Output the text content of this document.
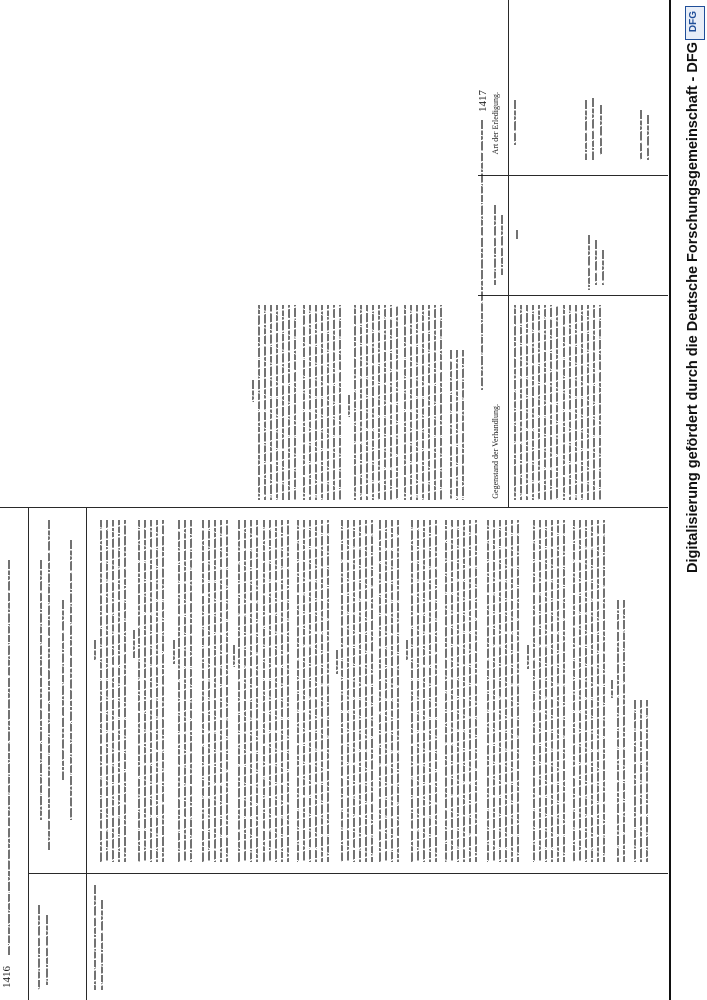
1416
1417 Art der Erledigung.
Gegenstand der Verhandlung.
DFG
Digitalisierung gefördert durch die Deutsche Forschungsgemeinschaft - DFG
